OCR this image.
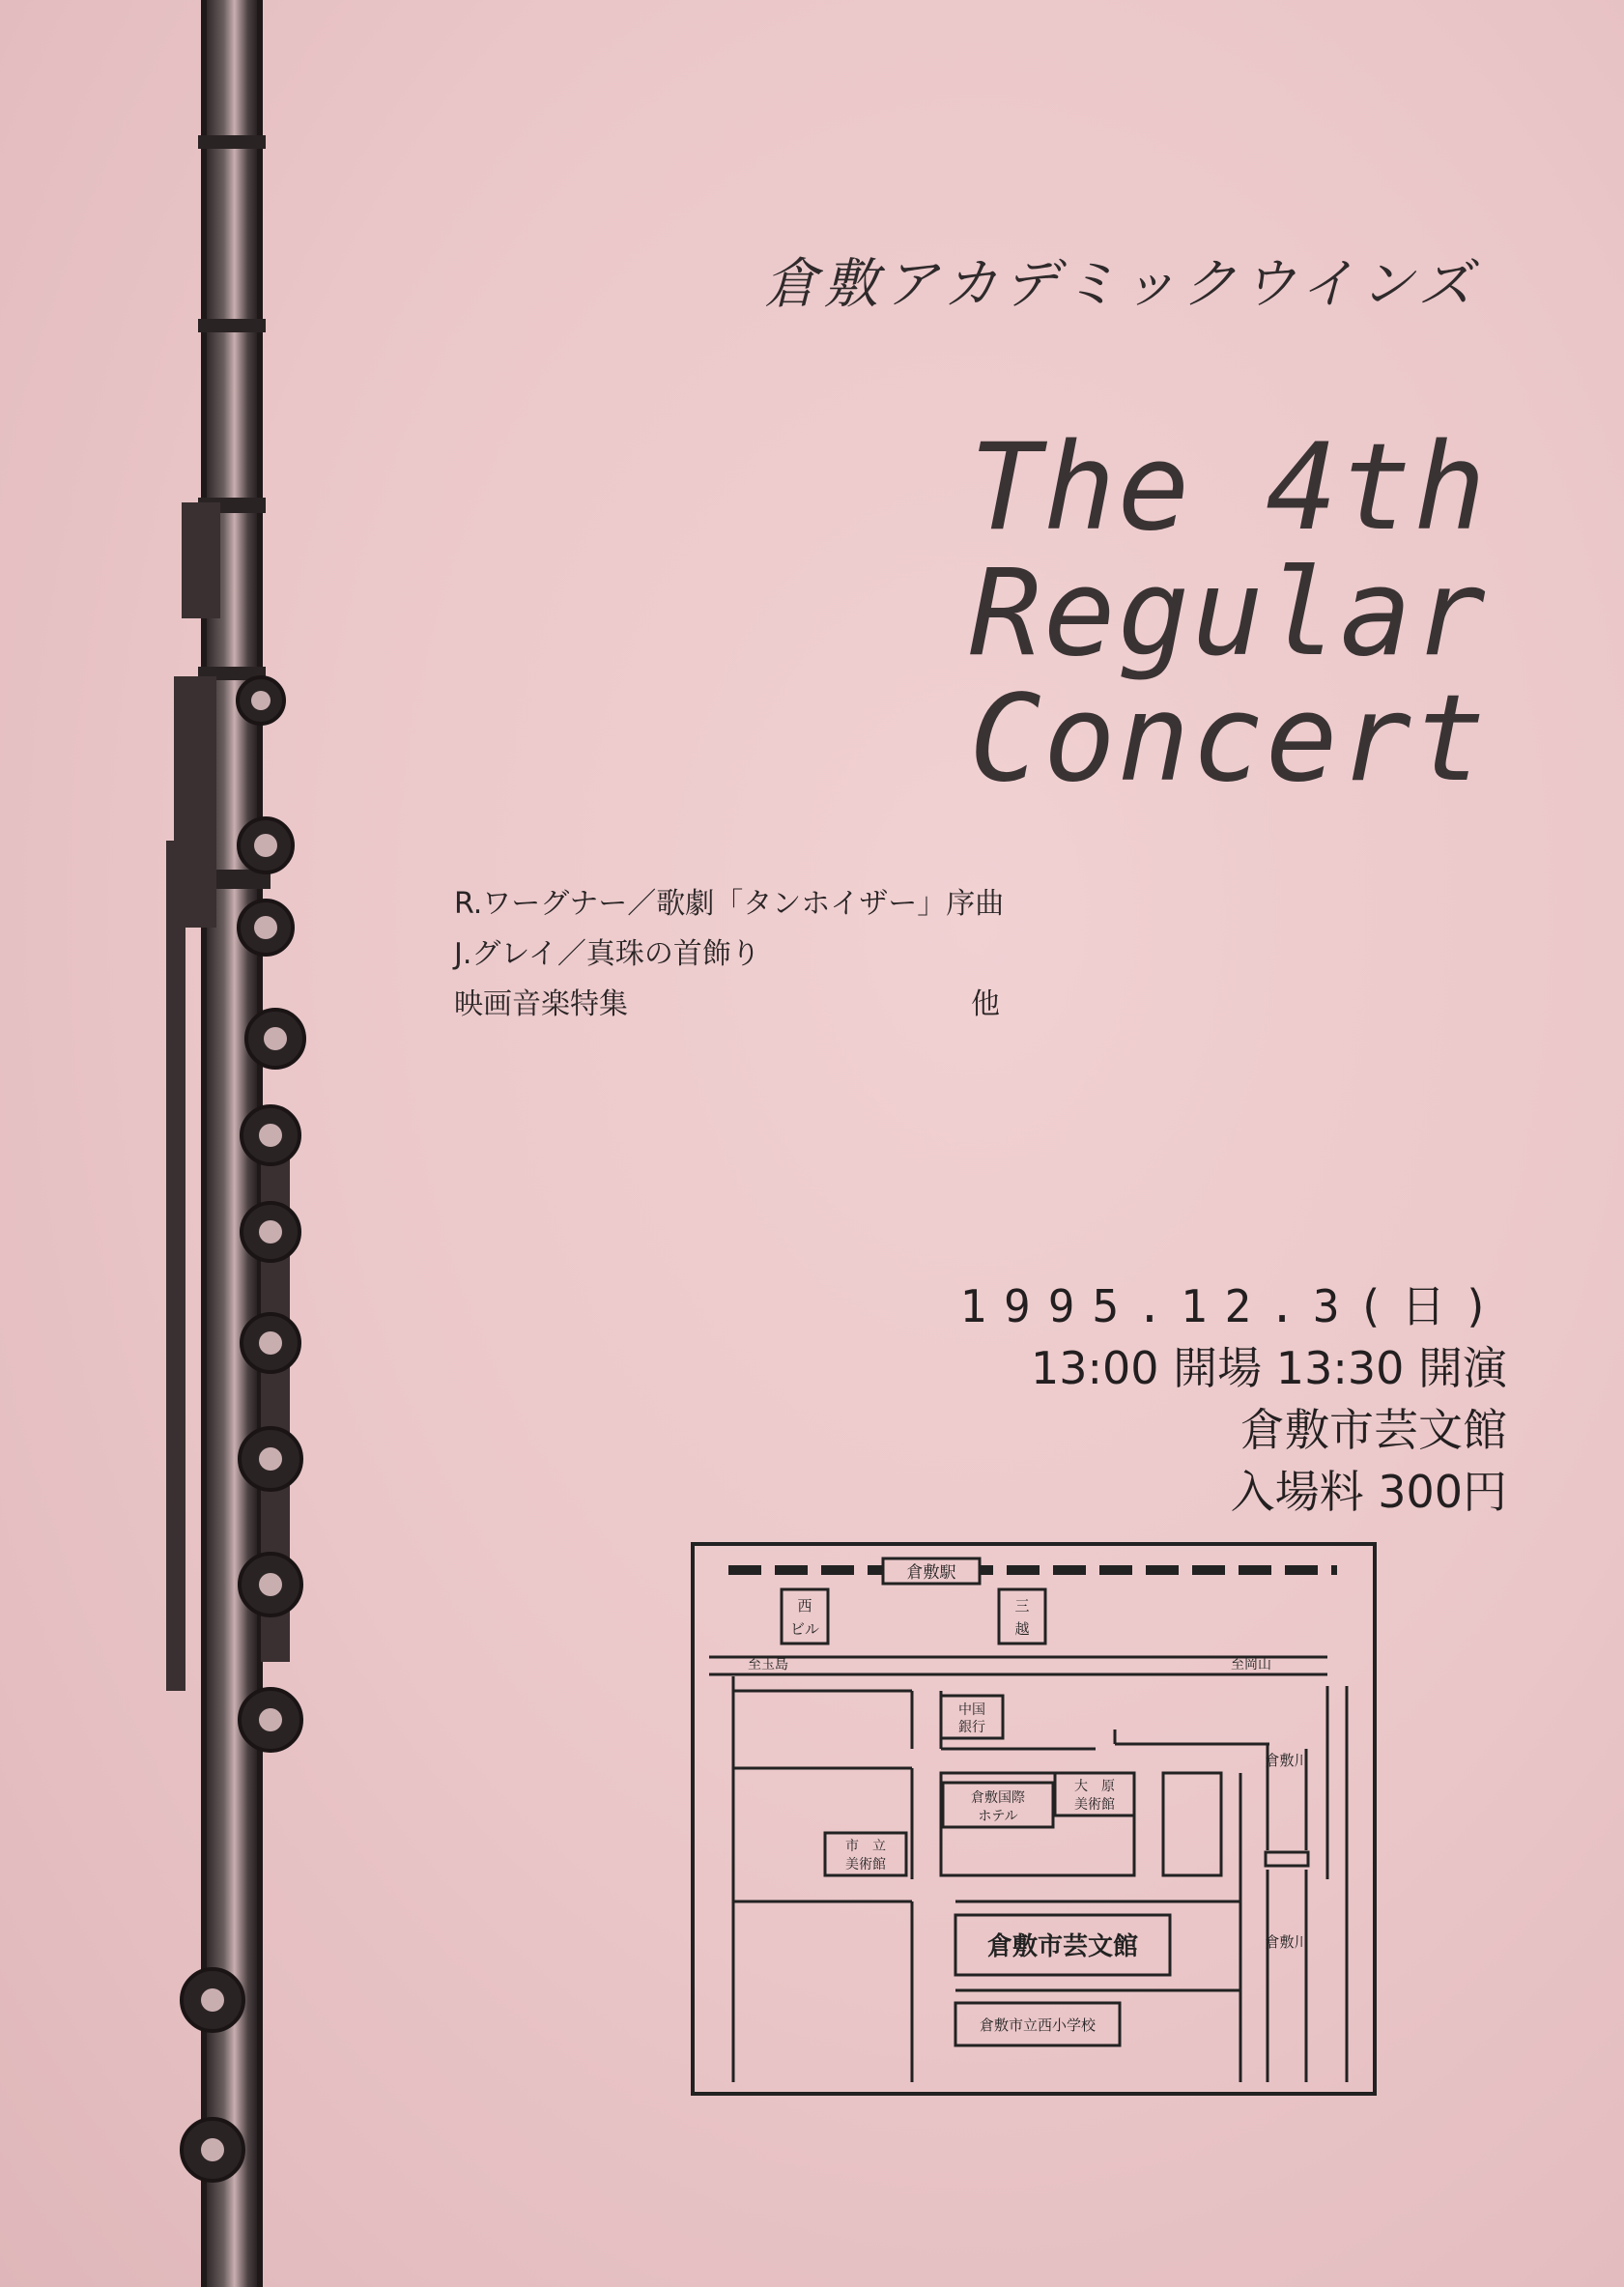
倉敷アカデミックウインズ
The 4th
Regular Concert
R.ワーグナー／歌劇「タンホイザー」序曲
J.グレイ／真珠の首飾り
映画音楽特集	他
1995.12.3(日)
13:00 開場 13:30 開演
倉敷市芸文館
入場料 300円
倉敷駅
西
ビル
三
越
至玉島	至岡山
中国
銀行
倉敷国際
ホテル
大　原
美術館
市　立
美術館
倉敷市芸文館
倉敷市立西小学校
倉敷川
倉敷川
